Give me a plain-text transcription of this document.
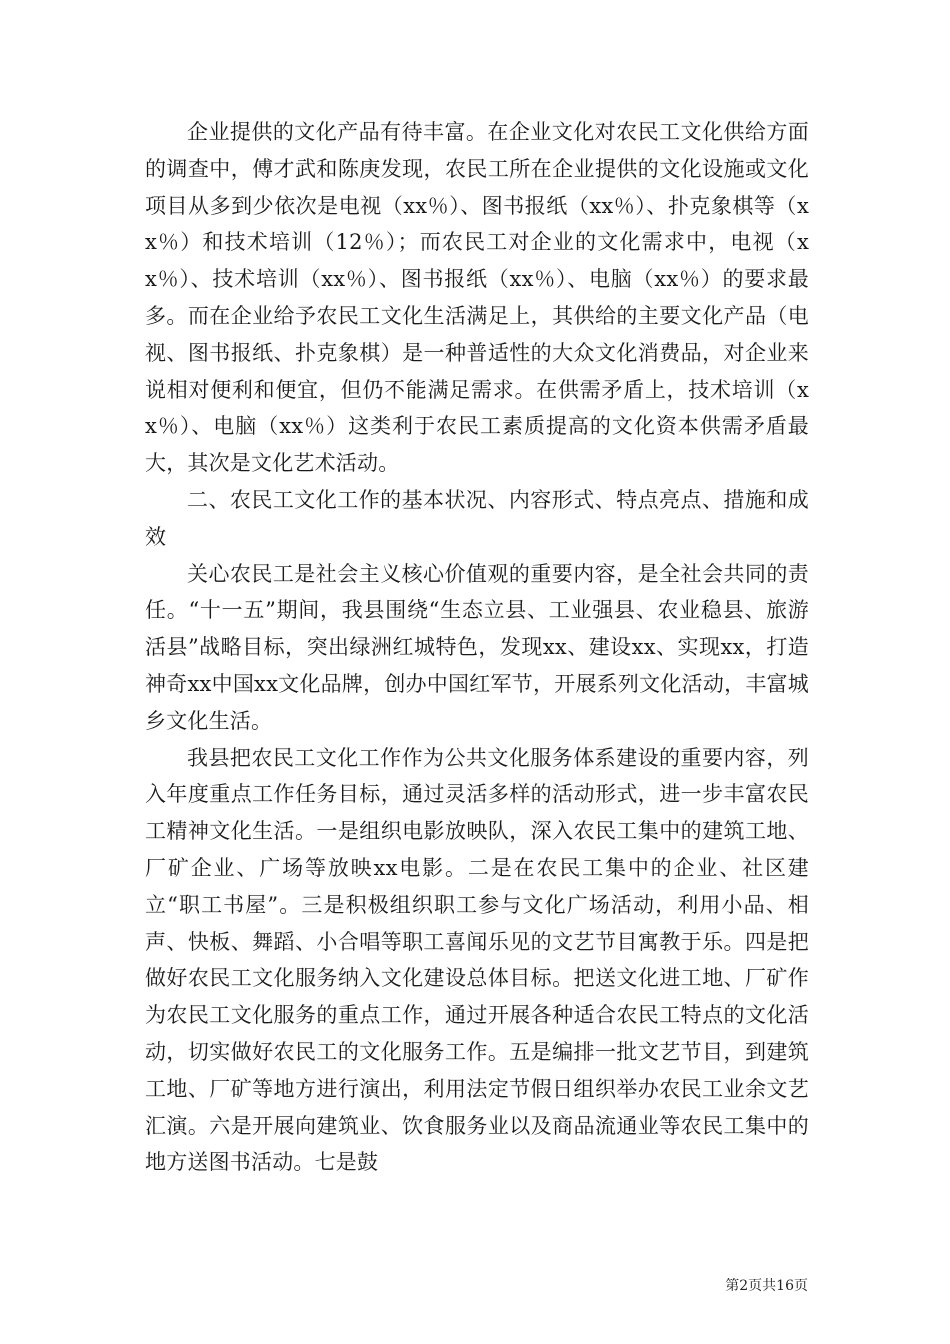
企业提供的文化产品有待丰富。在企业文化对农民工文化供给方面的调查中，傅才武和陈庚发现，农民工所在企业提供的文化设施或文化项目从多到少依次是电视（xx％）、图书报纸（xx％）、扑克象棋等（xx％）和技术培训（12％）；而农民工对企业的文化需求中，电视（xx％）、技术培训（xx％）、图书报纸（xx％）、电脑（xx％）的要求最多。而在企业给予农民工文化生活满足上，其供给的主要文化产品（电视、图书报纸、扑克象棋）是一种普适性的大众文化消费品，对企业来说相对便利和便宜，但仍不能满足需求。在供需矛盾上，技术培训（xx％）、电脑（xx％）这类利于农民工素质提高的文化资本供需矛盾最大，其次是文化艺术活动。

二、农民工文化工作的基本状况、内容形式、特点亮点、措施和成效

关心农民工是社会主义核心价值观的重要内容，是全社会共同的责任。“十一五”期间，我县围绕“生态立县、工业强县、农业稳县、旅游活县”战略目标，突出绿洲红城特色，发现xx、建设xx、实现xx，打造神奇xx中国xx文化品牌，创办中国红军节，开展系列文化活动，丰富城乡文化生活。

我县把农民工文化工作作为公共文化服务体系建设的重要内容，列入年度重点工作任务目标，通过灵活多样的活动形式，进一步丰富农民工精神文化生活。一是组织电影放映队，深入农民工集中的建筑工地、厂矿企业、广场等放映xx电影。二是在农民工集中的企业、社区建立“职工书屋”。三是积极组织职工参与文化广场活动，利用小品、相声、快板、舞蹈、小合唱等职工喜闻乐见的文艺节目寓教于乐。四是把做好农民工文化服务纳入文化建设总体目标。把送文化进工地、厂矿作为农民工文化服务的重点工作，通过开展各种适合农民工特点的文化活动，切实做好农民工的文化服务工作。五是编排一批文艺节目，到建筑工地、厂矿等地方进行演出，利用法定节假日组织举办农民工业余文艺汇演。六是开展向建筑业、饮食服务业以及商品流通业等农民工集中的地方送图书活动。七是鼓

第2页共16页
